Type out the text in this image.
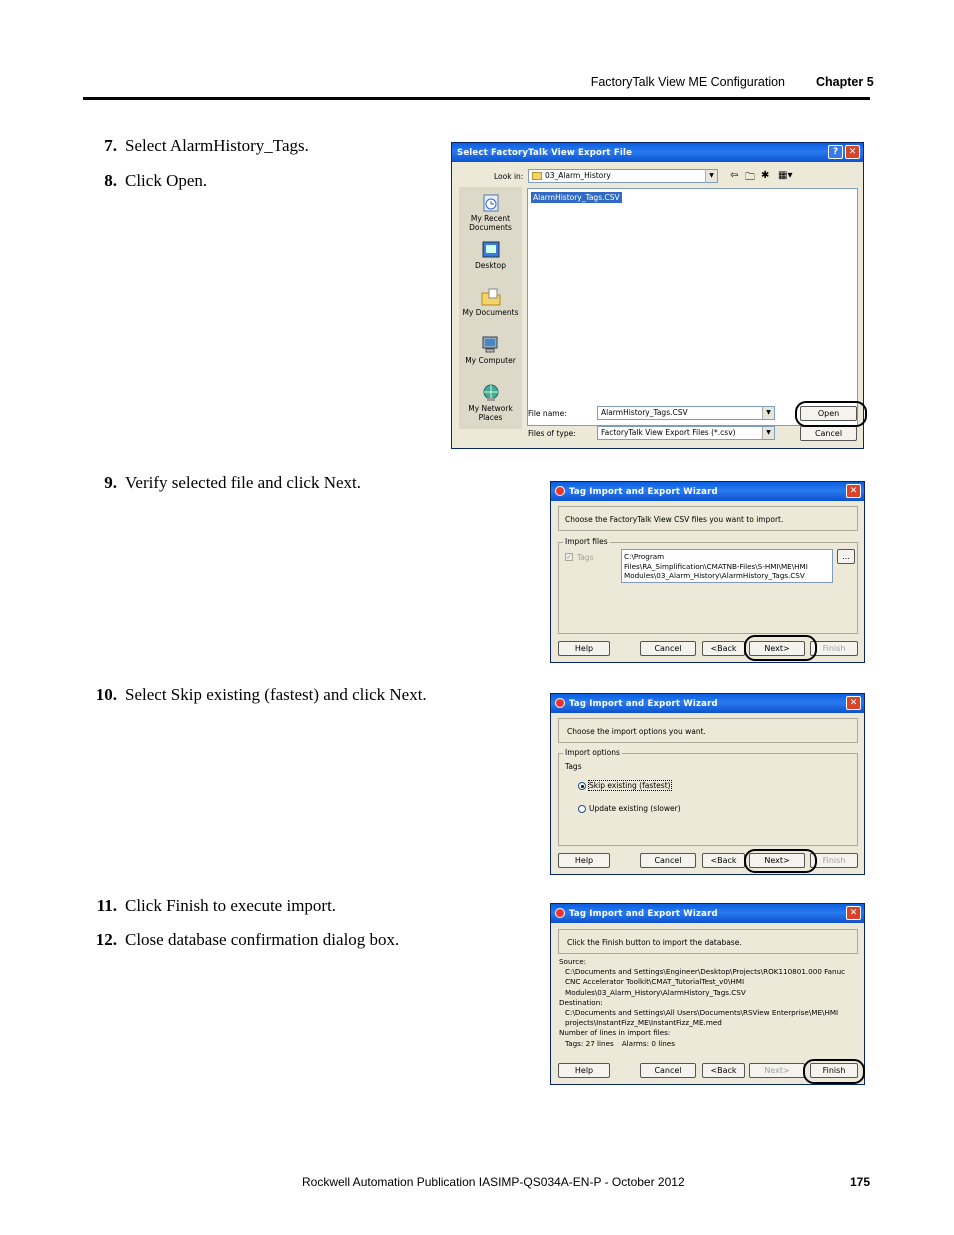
FactoryTalk View ME Configuration Chapter 5
7. Select AlarmHistory_Tags.
8. Click Open.
9. Verify selected file and click Next.
10. Select Skip existing (fastest) and click Next.
11. Click Finish to execute import.
12. Close database confirmation dialog box.
Select FactoryTalk View Export File	?	✕
Look in:	03_Alarm_History	▼	⇦ 🗀 ✱ ▦▾
My Recent Documents
Desktop
My Documents
My Computer
My Network Places
AlarmHistory_Tags.CSV
File name:	AlarmHistory_Tags.CSV	▼
Files of type:	FactoryTalk View Export Files (*.csv)	▼
Open
Cancel
Tag Import and Export Wizard	✕
Choose the FactoryTalk View CSV files you want to import.
Import files
✓ Tags	C:\Program
Files\RA_Simplification\CMATNB-Files\S-HMI\ME\HMI
Modules\03_Alarm_History\AlarmHistory_Tags.CSV
...
Help	Cancel	<Back	Next>	Finish
Tag Import and Export Wizard	✕
Choose the import options you want.
Import options
Tags
Skip existing (fastest)
Update existing (slower)
Help	Cancel	<Back	Next>	Finish
Tag Import and Export Wizard	✕
Click the Finish button to import the database.
Source:
C:\Documents and Settings\Engineer\Desktop\Projects\ROK110801.000 Fanuc
CNC Accelerator Toolkit\CMAT_TutorialTest_v0\HMI
Modules\03_Alarm_History\AlarmHistory_Tags.CSV
Destination:
C:\Documents and Settings\All Users\Documents\RSView Enterprise\ME\HMI
projects\InstantFizz_ME\InstantFizz_ME.med
Number of lines in import files:
Tags: 27 lines Alarms: 0 lines
Help	Cancel	<Back	Next>	Finish
Rockwell Automation Publication IASIMP-QS034A-EN-P - October 2012	175
